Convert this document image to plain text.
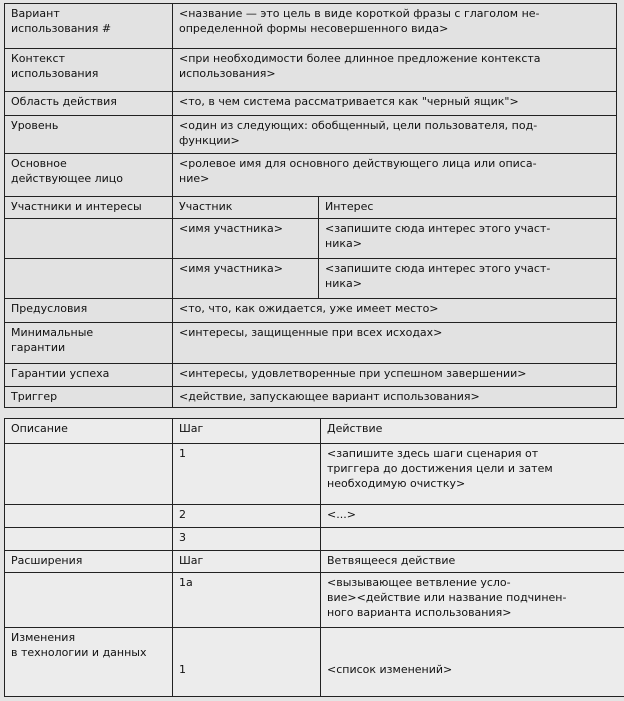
Вариант
использования #	<название — это цель в виде короткой фразы с глаголом не-
определенной формы несовершенного вида>	
Контекст
использования	<при необходимости более длинное предложение контекста
использования>	
Область действия	<то, в чем система рассматривается как "черный ящик">	
Уровень	<один из следующих: обобщенный, цели пользователя, под-
функции>	
Основное
действующее лицо	<ролевое имя для основного действующего лица или описа-
ние>	
Участники и интересы	Участник	Интерес
	<имя участника>	<запишите сюда интерес этого участ-
ника>
	<имя участника>	<запишите сюда интерес этого участ-
ника>
Предусловия	<то, что, как ожидается, уже имеет место>	
Минимальные
гарантии	<интересы, защищенные при всех исходах>	
Гарантии успеха	<интересы, удовлетворенные при успешном завершении>	
Триггер	<действие, запускающее вариант использования>	
Описание	Шаг	Действие
	1	<запишите здесь шаги сценария от
триггера до достижения цели и затем
необходимую очистку>
	2	<...>
	3	
Расширения	Шаг	Ветвящееся действие
	1a	<вызывающее ветвление усло-
вие><действие или название подчинен-
ного варианта использования>
Изменения
в технологии и данных	1	<список изменений>
